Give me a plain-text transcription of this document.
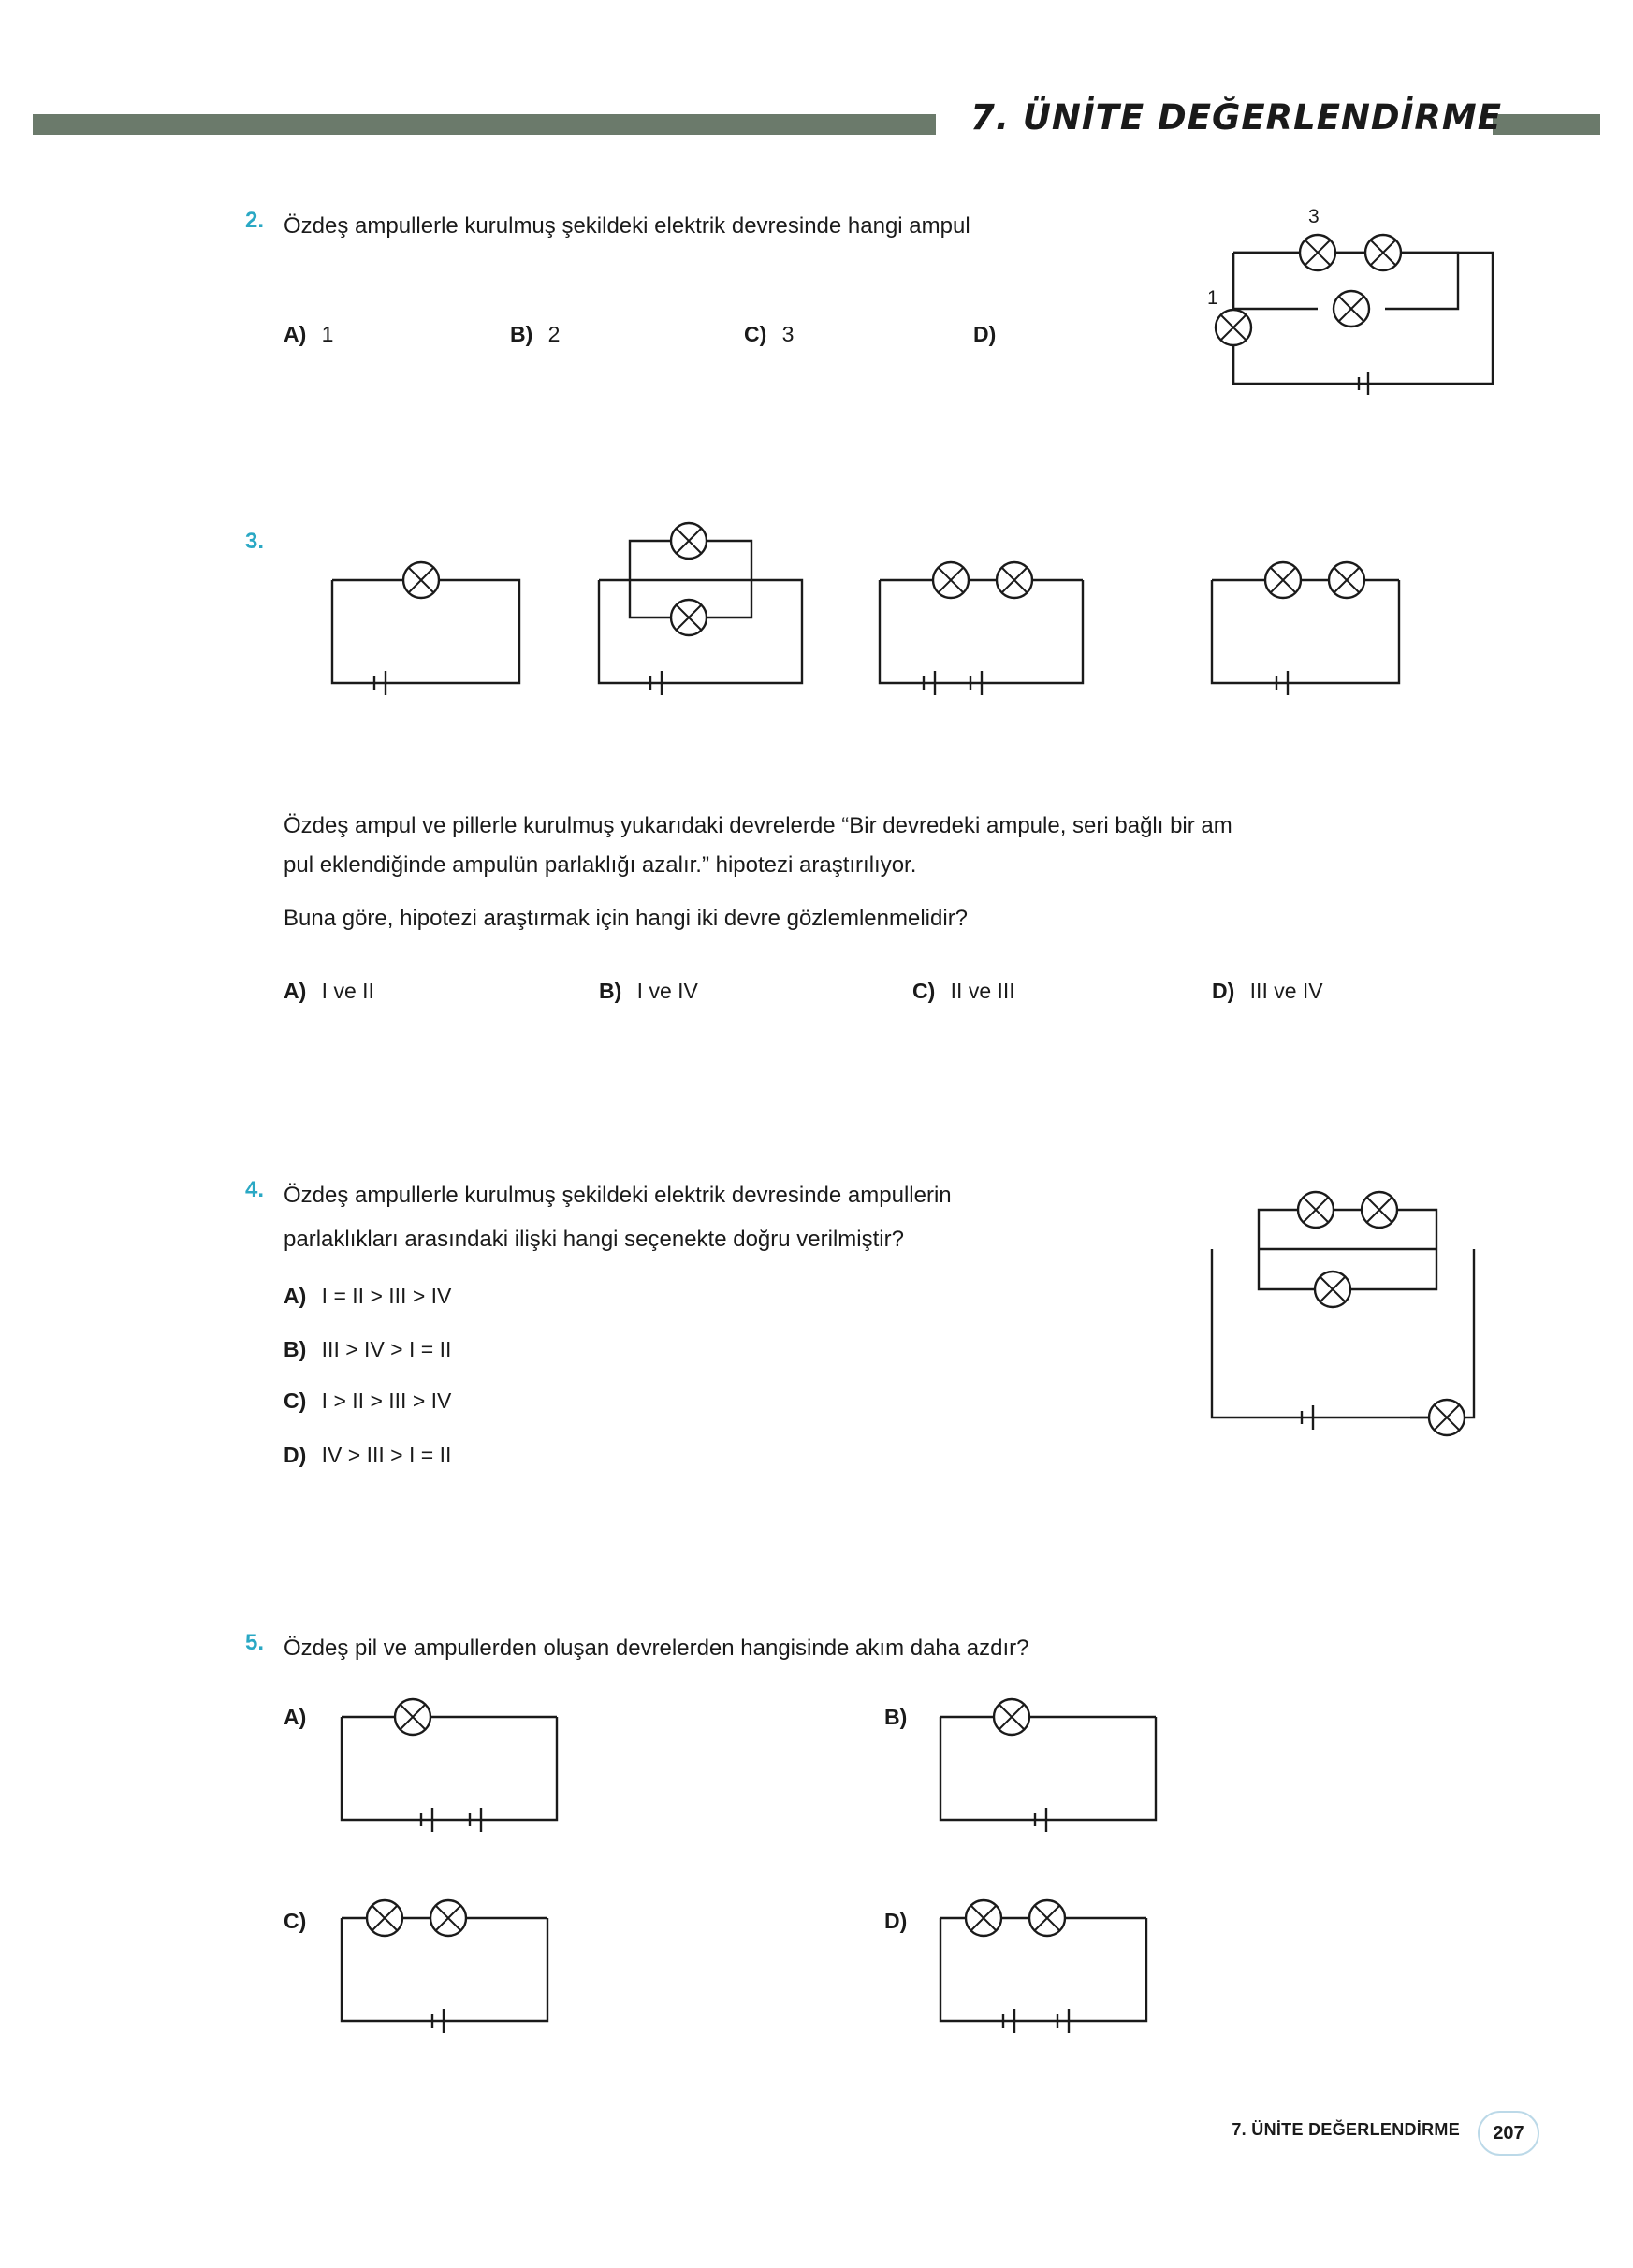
7. ÜNİTE DEĞERLENDİRME
2. Özdeş ampullerle kurulmuş şekildeki elektrik devresinde hangi ampul
A) 1	B) 2	C) 3	D)
3
1
3.
Özdeş ampul ve pillerle kurulmuş yukarıdaki devrelerde “Bir devredeki ampule, seri bağlı bir am
pul eklendiğinde ampulün parlaklığı azalır.” hipotezi araştırılıyor.
Buna göre, hipotezi araştırmak için hangi iki devre gözlemlenmelidir?
A) I ve II	B) I ve IV	C) II ve III	D) III ve IV
4. Özdeş ampullerle kurulmuş şekildeki elektrik devresinde ampullerin
parlaklıkları arasındaki ilişki hangi seçenekte doğru verilmiştir?
A) I = II > III > IV
B) III > IV > I = II
C) I > II > III > IV
D) IV > III > I = II
5. Özdeş pil ve ampullerden oluşan devrelerden hangisinde akım daha azdır?
A)	B)
C)	D)
7. ÜNİTE DEĞERLENDİRME	207
